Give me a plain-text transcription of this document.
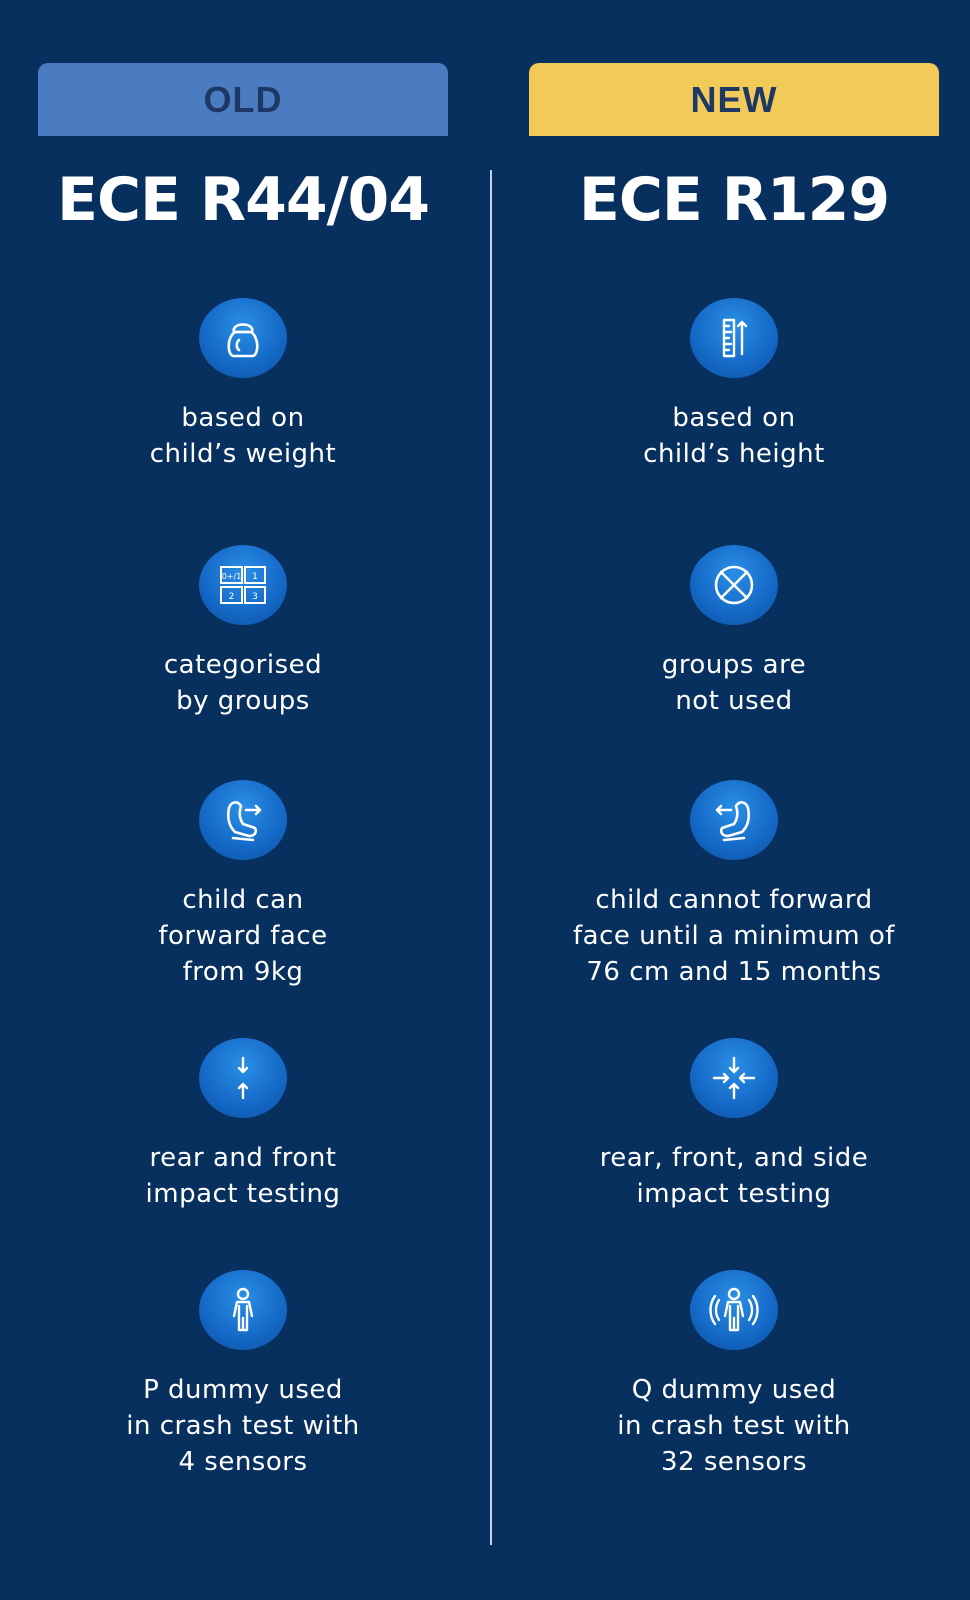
OLD
ECE R44/04
based on
child’s weight
0+/1 1
2 3
categorised
by groups
child can
forward face
from 9kg
rear and front
impact testing
P dummy used
in crash test with
4 sensors
NEW
ECE R129
based on
child’s height
groups are
not used
child cannot forward
face until a minimum of
76 cm and 15 months
rear, front, and side
impact testing
Q dummy used
in crash test with
32 sensors
